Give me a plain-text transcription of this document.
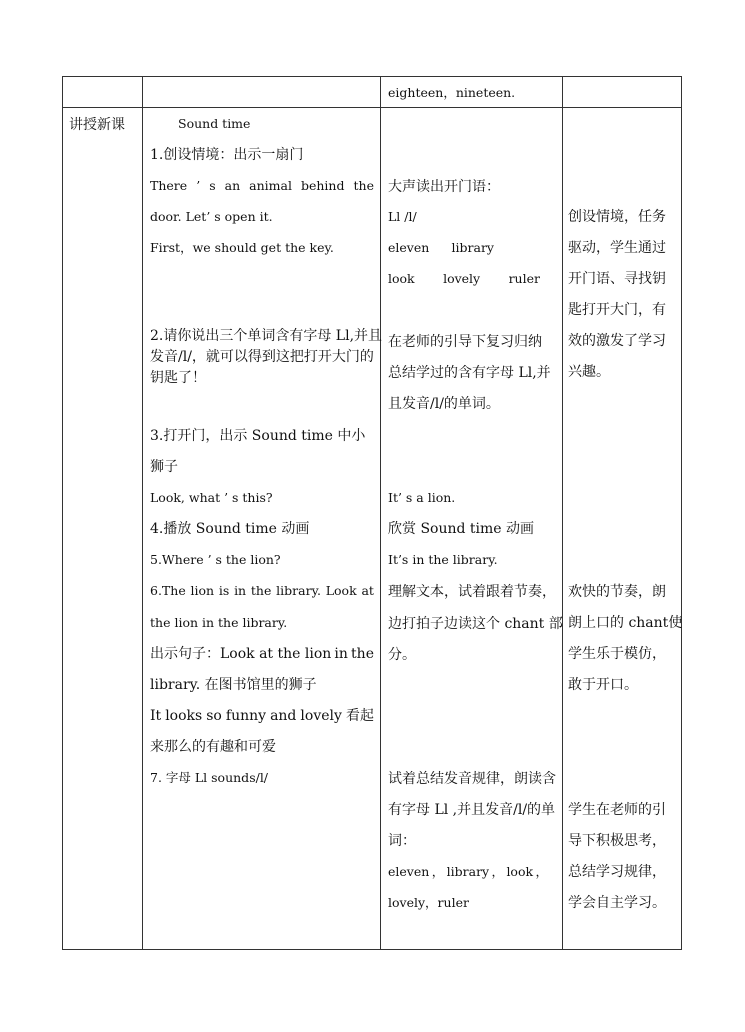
eighteen，nineteen.
讲授新课	Sound time
1.创设情境：出示一扇门
There ’ s an animal behind the
door. Let’ s open it.
First，we should get the key.
2.请你说出三个单词含有字母 Ll,并且
发音/l/，就可以得到这把打开大门的
钥匙了！
3.打开门，出示 Sound time 中小
狮子
Look, what ’ s this?
4.播放 Sound time 动画
5.Where ’ s the lion?
6.The lion is in the library. Look at
the lion in the library.
出示句子：Look at the lion in the
library. 在图书馆里的狮子
It looks so funny and lovely 看起
来那么的有趣和可爱
7. 字母 Ll sounds/l/
大声读出开门语：
Ll /l/
eleven library
look lovely ruler
在老师的引导下复习归纳
总结学过的含有字母 Ll,并
且发音/l/的单词。
It’ s a lion.
欣赏 Sound time 动画
It’s in the library.
理解文本，试着跟着节奏，
边打拍子边读这个 chant 部
分。
试着总结发音规律，朗读含
有字母 Ll ,并且发音/l/的单
词：
eleven ， library ， look ，
lovely，ruler
创设情境，任务
驱动，学生通过
开门语、寻找钥
匙打开大门，有
效的激发了学习
兴趣。
欢快的节奏，朗
朗上口的 chant使
学生乐于模仿，
敢于开口。
学生在老师的引
导下积极思考，
总结学习规律，
学会自主学习。
